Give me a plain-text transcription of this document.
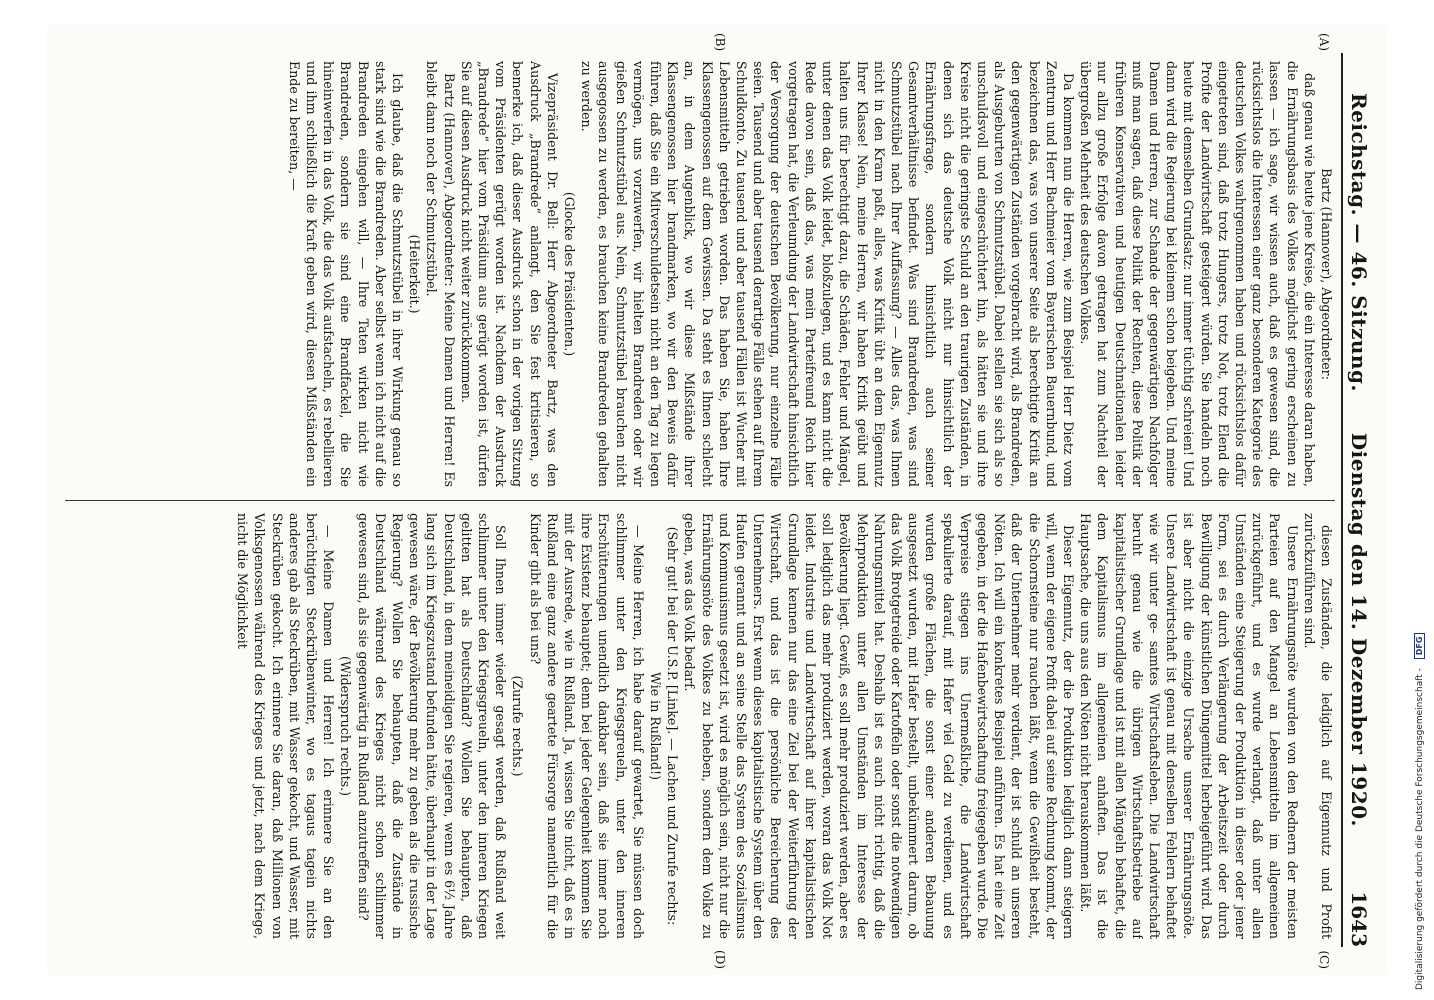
Reichstag. — 46. Sitzung.
Dienstag den 14. Dezember 1920.
1643
(A)
(B)
(C)
(D)

Bartz (Hannover), Abgeordneter:

daß genau wie heute jene Kreise, die ein Interesse daran haben, die Ernährungsbasis des Volkes möglichst gering erscheinen zu lassen — ich sage, wir wissen auch, daß es gewesen sind, die rücksichtslos die Interessen einer ganz besonderen Kategorie des deutschen Volkes wahrgenommen haben und rücksichtslos dafür eingetreten sind, daß trotz Hungers, trotz Not, trotz Elend die Profite der Landwirtschaft gesteigert würden. Sie handeln noch heute mit demselben Grundsatz: nur immer tüchtig schreien! Und dann wird die Regierung bei kleinem schon beigeben. Und meine Damen und Herren, zur Schande der gegenwärtigen Nachfolger muß man sagen, daß diese Politik der Rechten, diese Politik der früheren Konservativen und heutigen Deutschnationalen leider nur allzu große Erfolge davon getragen hat zum Nachteil der übergroßen Mehrheit des deutschen Volkes.

Da kommen nun die Herren, wie zum Beispiel Herr Dietz vom Zentrum und Herr Bachmeier vom Bayerischen Bauernbund, und bezeichnen das, was von unserer Seite als berechtigte Kritik an den gegenwärtigen Zuständen vorgebracht wird, als Brandreden, als Ausgeburten von Schmutzstübel. Dabei stellen sie sich als so unschuldsvoll und eingeschüchtert hin, als hätten sie und ihre Kreise nicht die geringste Schuld an den traurigen Zuständen, in denen sich das deutsche Volk nicht nur hinsichtlich der Ernährungsfrage, sondern hinsichtlich auch seiner Gesamtverhältnisse befindet. Was sind Brandreden, was sind Schmutzstübel nach Ihrer Auffassung? — Alles das, was Ihnen nicht in den Kram paßt, alles, was Kritik übt an dem Eigennutz Ihrer Klasse! Nein, meine Herren, wir haben Kritik geübt und halten uns für berechtigt dazu, die Schäden, Fehler und Mängel, unter denen das Volk leidet, bloßzulegen, und es kann nicht die Rede davon sein, daß das, was mein Parteifreund Reich hier vorgetragen hat, die Verleumdung der Landwirtschaft hinsichtlich der Versorgung der deutschen Bevölkerung, nur einzelne Fälle seien. Tausend und aber tausend derartige Fälle stehen auf Ihrem Schuldkonto. Zu tausend und aber tausend Fällen ist Wucher mit Lebensmitteln getrieben worden. Das haben Sie, haben Ihre Klassengenossen auf dem Gewissen. Da steht es Ihnen schlecht an, in dem Augenblick, wo wir diese Mißstände ihrer Klassengenossen hier brandmarken, wo wir den Beweis dafür führen, daß Sie ein Mitverschuldetsein nicht an den Tag zu legen vermögen, uns vorzuwerfen, wir hielten Brandreden oder wir gießen Schmutzstübel aus. Nein, Schmutzstübel brauchen nicht ausgegossen zu werden, es brauchen keine Brandreden gehalten zu werden.

(Glocke des Präsidenten.)

Vizepräsident Dr. Bell: Herr Abgeordneter Bartz, was den Ausdruck „Brandrede“ anlangt, den Sie fest kritisieren, so bemerke ich, daß dieser Ausdruck schon in der vorigen Sitzung vom Präsidenten gerügt worden ist. Nachdem der Ausdruck „Brandrede“ hier vom Präsidium aus gerügt worden ist, dürfen Sie auf diesen Ausdruck nicht weiter zurückkommen.

Bartz (Hannover), Abgeordneter: Meine Damen und Herren! Es bleibt dann noch der Schmutzstübel.

(Heiterkeit.)

Ich glaube, daß die Schmutzstübel in ihrer Wirkung genau so stark sind wie die Brandreden. Aber selbst wenn ich nicht auf die Brandreden eingehen will, — Ihre Taten wirken nicht wie Brandreden, sondern sie sind eine Brandfackel, die Sie hineinwerfen in das Volk, die das Volk aufstacheln, es rebellieren und ihm schließlich die Kraft geben wird, diesen Mißständen ein Ende zu bereiten, —

diesen Zuständen, die lediglich auf Eigennutz und Profit zurückzuführen sind.

Unsere Ernährungsnöte wurden von den Rednern der meisten Parteien auf den Mangel an Lebensmitteln im allgemeinen zurückgeführt, und es wurde verlangt, daß unter allen Umständen eine Steigerung der Produktion in dieser oder jener Form, sei es durch Verlängerung der Arbeitszeit oder durch Bewilligung der künstlichen Düngemittel herbeigeführt wird. Das ist aber nicht die einzige Ursache unserer Ernährungsnöte. Unsere Landwirtschaft ist genau mit denselben Fehlern behaftet wie wir unter ge- samtes Wirtschaftsleben. Die Landwirtschaft beruht genau wie die übrigen Wirtschaftsbetriebe auf kapitalistischer Grundlage und ist mit allen Mängeln behaftet, die dem Kapitalismus im allgemeinen anhaften. Das ist die Hauptsache, die uns aus den Nöten nicht herauskommen läßt.

Dieser Eigennutz, der die Produktion lediglich dann steigern will, wenn der eigene Profit dabei auf seine Rechnung kommt, der die Schornsteine nur rauchen läßt, wenn die Gewißheit besteht, daß der Unternehmer mehr verdient, der ist schuld an unseren Nöten. Ich will ein konkretes Beispiel anführen. Es hat eine Zeit gegeben, in der die Hafenbewirtschaftung freigegeben wurde. Die Verpreise stiegen ins Unermeßliche, die Landwirtschaft spekulierte darauf, mit Hafer viel Geld zu verdienen, und es wurden große Flächen, die sonst einer anderen Bebauung ausgesetzt wurden, mit Hafer bestellt, unbekümmert darum, ob das Volk Brotgetreide oder Kartoffeln oder sonst die notwendigen Nahrungsmittel hat. Deshalb ist es auch nicht richtig, daß die Mehrproduktion unter allen Umständen im Interesse der Bevölkerung liegt. Gewiß, es soll mehr produziert werden, aber es soll lediglich das mehr produziert werden, woran das Volk Not leidet. Industrie und Landwirtschaft auf ihrer kapitalistischen Grundlage kennen nur das eine Ziel bei der Weiterführung der Wirtschaft, und das ist die persönliche Bereicherung des Unternehmers. Erst wenn dieses kapitalistische System über den Haufen gerannt und an seine Stelle das System des Sozialismus und Kommunismus gesetzt ist, wird es möglich sein, nicht nur die Ernährungsnöte des Volkes zu beheben, sondern dem Volke zu geben, was das Volk bedarf.

(Sehr gut! bei der U.S.P. [Linke]. — Lachen und Zurufe rechts: Wie in Rußland!)

— Meine Herren, ich habe darauf gewartet, Sie müssen doch schlimmer unter den Kriegsgreueln, unter den inneren Erschütterungen unendlich dankbar sein, daß sie immer noch ihre Existenz behauptet; denn bei jeder Gelegenheit kommen Sie mit der Ausrede, wie in Rußland. Ja, wissen Sie nicht, daß es in Rußland eine ganz andere geartete Fürsorge namentlich für die Kinder gibt als bei uns?

(Zurufe rechts.)

Soll Ihnen immer wieder gesagt werden, daß Rußland weit schlimmer unter den Kriegsgreueln, unter den inneren Kriegen gelitten hat als Deutschland? Wollen Sie behaupten, daß Deutschland, in dem meineidigen Sie regieren, wenn es 6½ Jahre lang sich im Kriegszustand befunden hätte, überhaupt in der Lage gewesen wäre, der Bevölkerung mehr zu geben als die russische Regierung? Wollen Sie behaupten, daß die Zustände in Deutschland während des Krieges nicht schon schlimmer gewesen sind, als sie gegenwärtig in Rußland anzutreffen sind?

(Widerspruch rechts.)

— Meine Damen und Herren! Ich erinnere Sie an den berüchtigten Steckrübenwinter, wo es tagaus tagein nichts anderes gab als Steckrüben, mit Wasser gekocht, und Wasser, mit Steckrüben gekocht. Ich erinnere Sie daran, daß Millionen von Volksgenossen während des Krieges und jetzt, nach dem Kriege, nicht die Möglichkeit

Digitalisierung gefördert durch die Deutsche Forschungsgemeinschaft - DFG
